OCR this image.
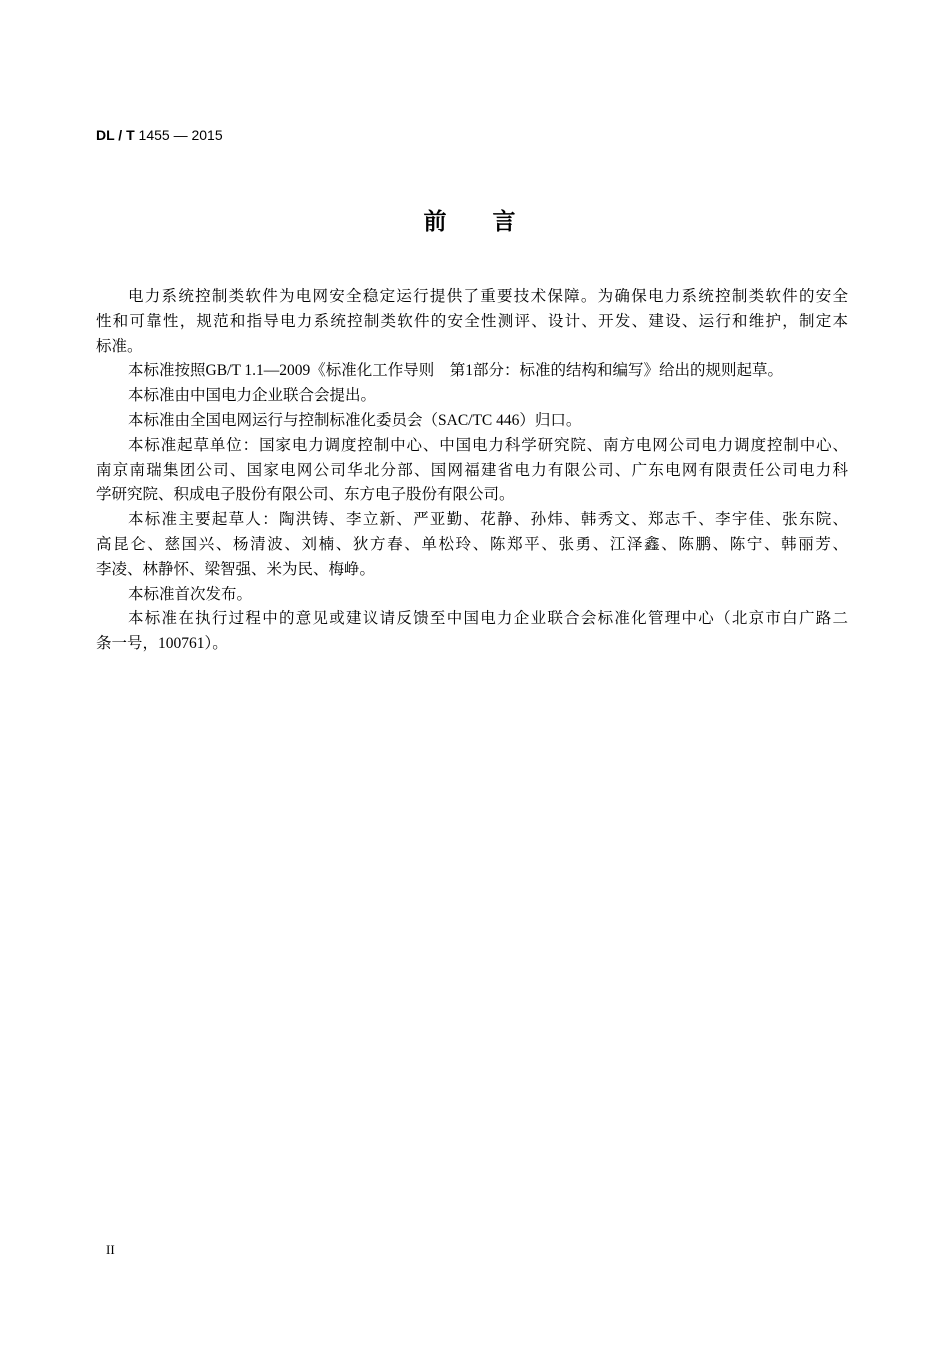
DL / T 1455 — 2015
前　　言
电力系统控制类软件为电网安全稳定运行提供了重要技术保障。为确保电力系统控制类软件的安全
性和可靠性，规范和指导电力系统控制类软件的安全性测评、设计、开发、建设、运行和维护，制定本
标准。
本标准按照GB/T 1.1—2009《标准化工作导则　第1部分：标准的结构和编写》给出的规则起草。
本标准由中国电力企业联合会提出。
本标准由全国电网运行与控制标准化委员会（SAC/TC 446）归口。
本标准起草单位：国家电力调度控制中心、中国电力科学研究院、南方电网公司电力调度控制中心、
南京南瑞集团公司、国家电网公司华北分部、国网福建省电力有限公司、广东电网有限责任公司电力科
学研究院、积成电子股份有限公司、东方电子股份有限公司。
本标准主要起草人：陶洪铸、李立新、严亚勤、花静、孙炜、韩秀文、郑志千、李宇佳、张东院、
高昆仑、慈国兴、杨清波、刘楠、狄方春、单松玲、陈郑平、张勇、江泽鑫、陈鹏、陈宁、韩丽芳、
李凌、林静怀、梁智强、米为民、梅峥。
本标准首次发布。
本标准在执行过程中的意见或建议请反馈至中国电力企业联合会标准化管理中心（北京市白广路二
条一号，100761）。
II
